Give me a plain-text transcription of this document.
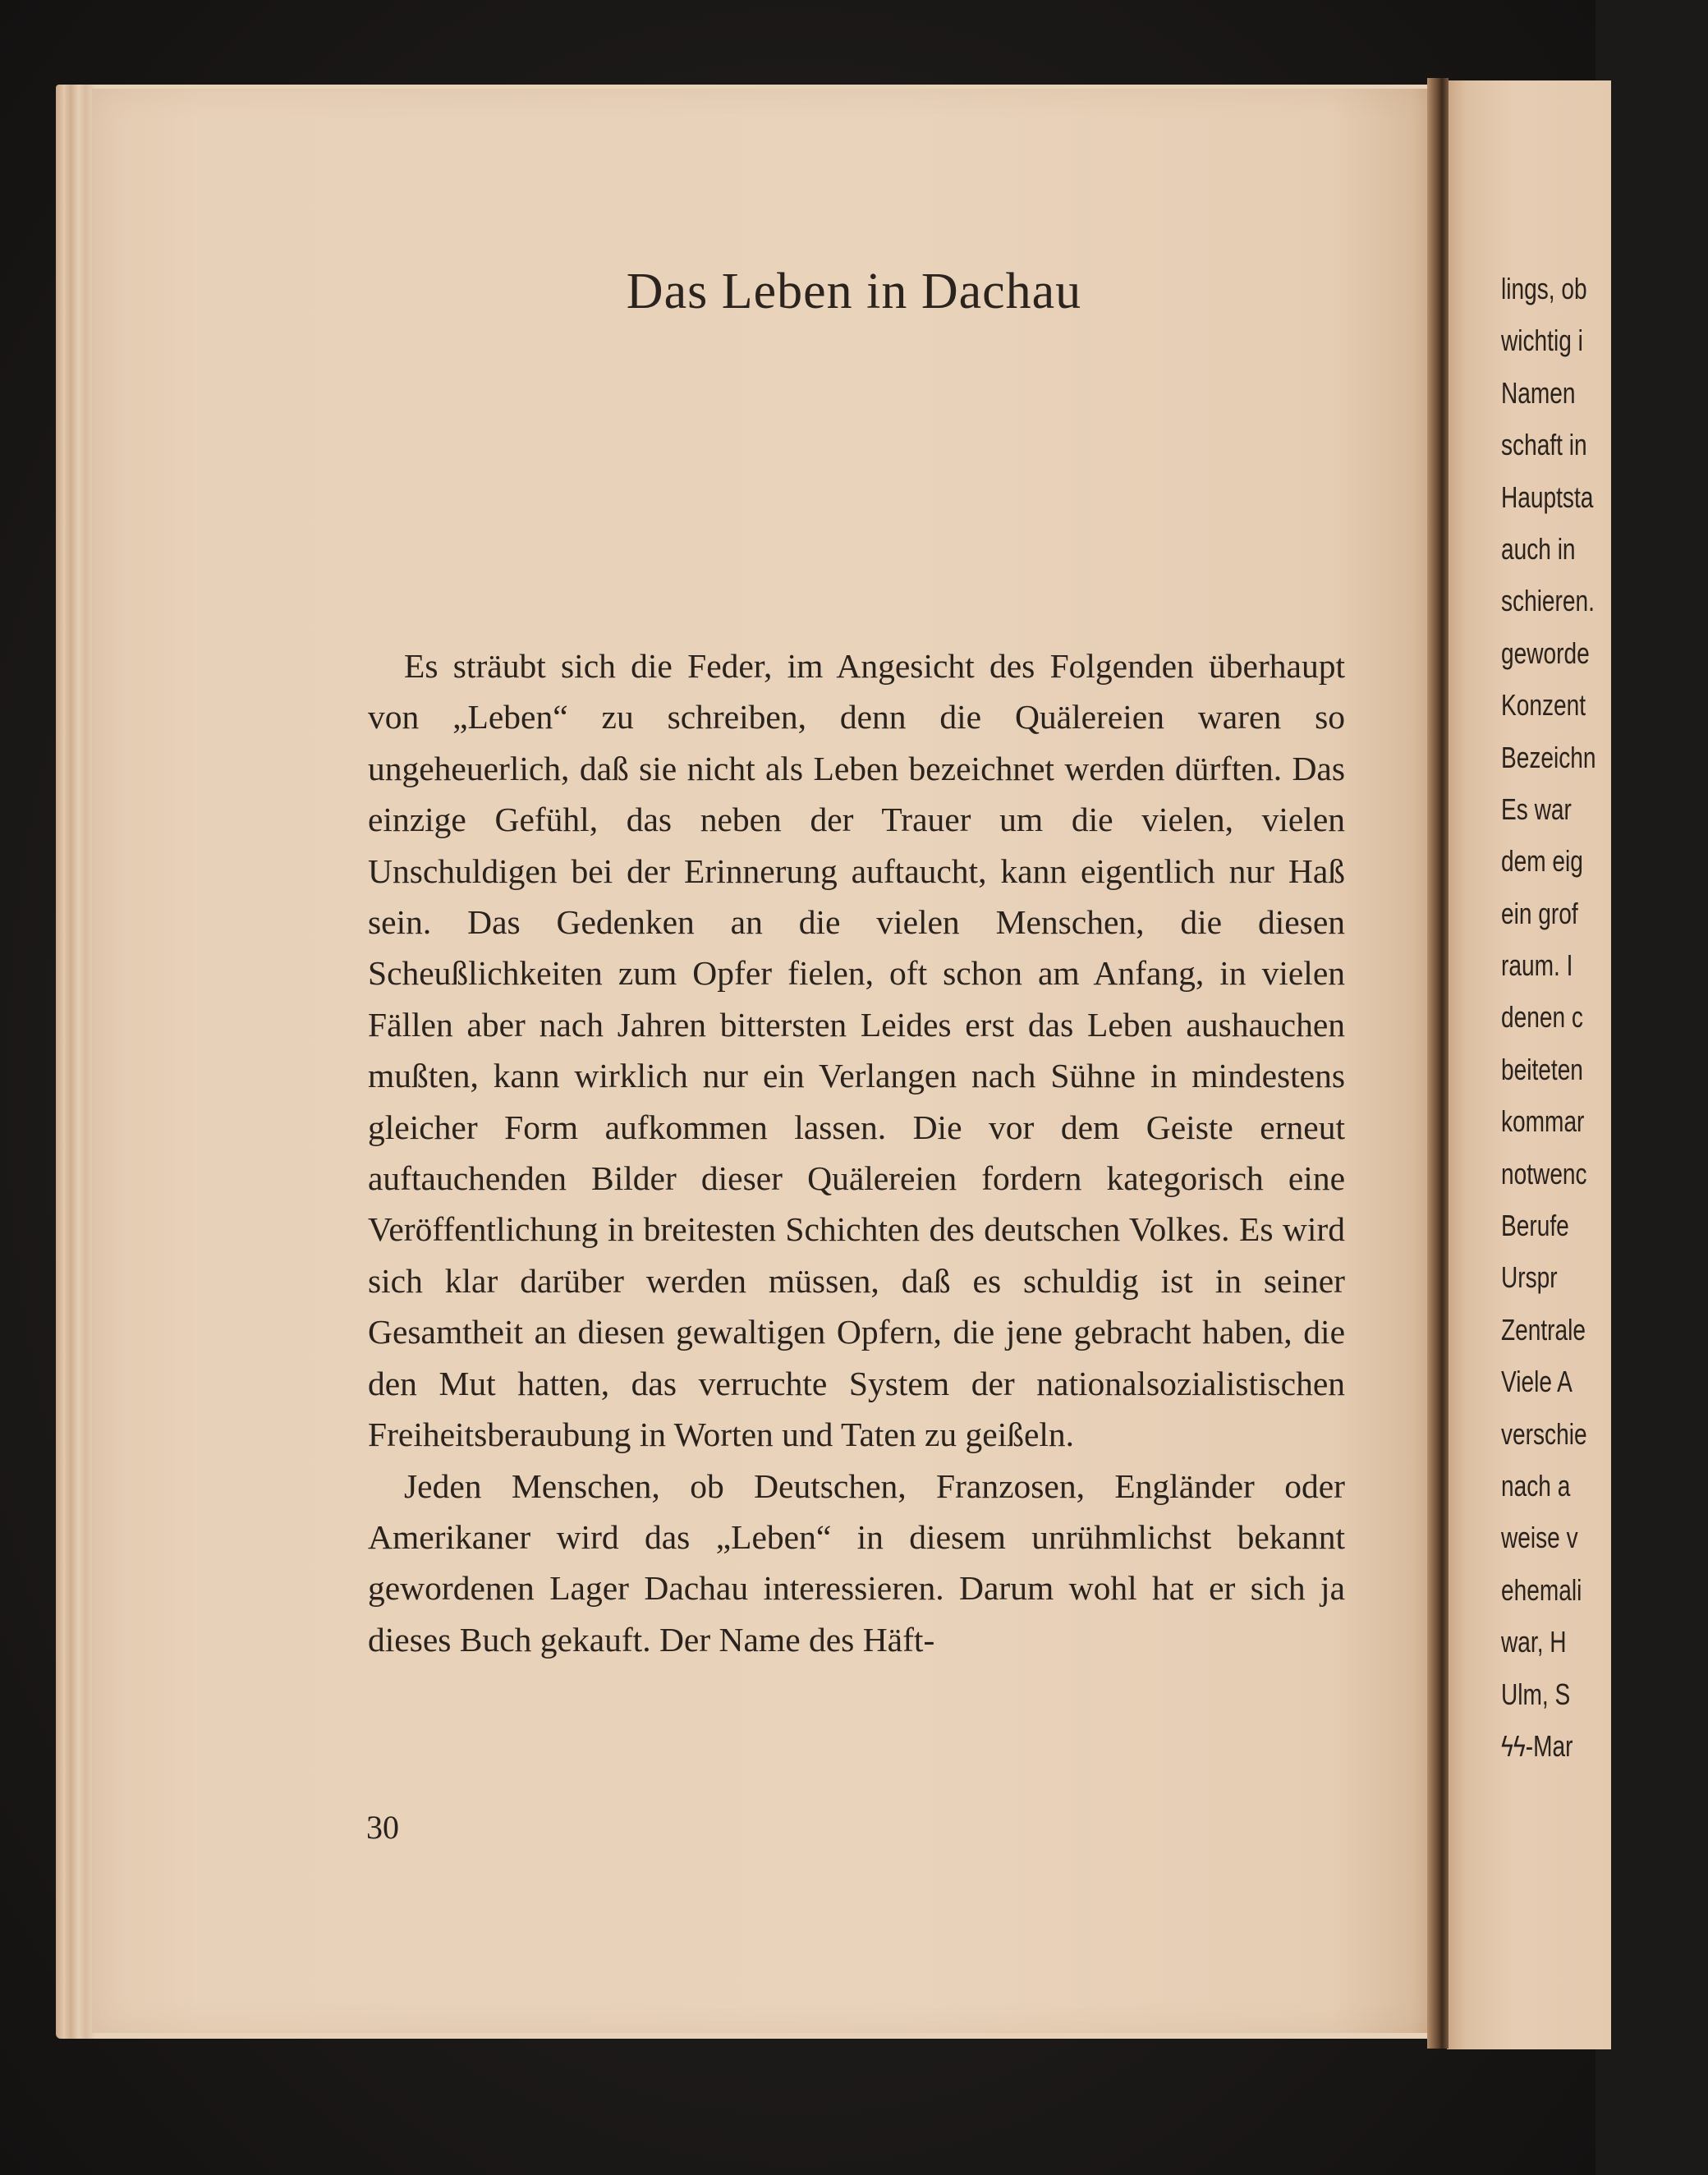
Das Leben in Dachau

Es sträubt sich die Feder, im Angesicht des Folgenden überhaupt von „Leben“ zu schreiben, denn die Quälereien waren so ungeheuerlich, daß sie nicht als Leben bezeichnet werden dürften. Das einzige Gefühl, das neben der Trauer um die vielen, vielen Unschuldigen bei der Erinnerung auftaucht, kann eigentlich nur Haß sein. Das Gedenken an die vielen Menschen, die diesen Scheußlichkeiten zum Opfer fielen, oft schon am Anfang, in vielen Fällen aber nach Jahren bittersten Leides erst das Leben aushauchen mußten, kann wirklich nur ein Verlangen nach Sühne in mindestens gleicher Form aufkommen lassen. Die vor dem Geiste erneut auftauchenden Bilder dieser Quälereien fordern kategorisch eine Veröffentlichung in breitesten Schichten des deutschen Volkes. Es wird sich klar darüber werden müssen, daß es schuldig ist in seiner Gesamtheit an diesen gewaltigen Opfern, die jene gebracht haben, die den Mut hatten, das verruchte System der nationalsozialistischen Freiheitsberaubung in Worten und Taten zu geißeln.

Jeden Menschen, ob Deutschen, Franzosen, Engländer oder Amerikaner wird das „Leben“ in diesem unrühmlichst bekannt gewordenen Lager Dachau interessieren. Darum wohl hat er sich ja dieses Buch gekauft. Der Name des Häft-

30
lings, ob
wichtig i
Namen
schaft in
Hauptsta
auch in
schieren.
geworde
Konzent
Bezeichn
Es war
dem eig
ein grof
raum. I
denen c
beiteten
kommar
notwenc
Berufe
Urspr
Zentrale
Viele A
verschie
nach a
weise v
ehemali
war, H
Ulm, S
ϟϟ-Mar
